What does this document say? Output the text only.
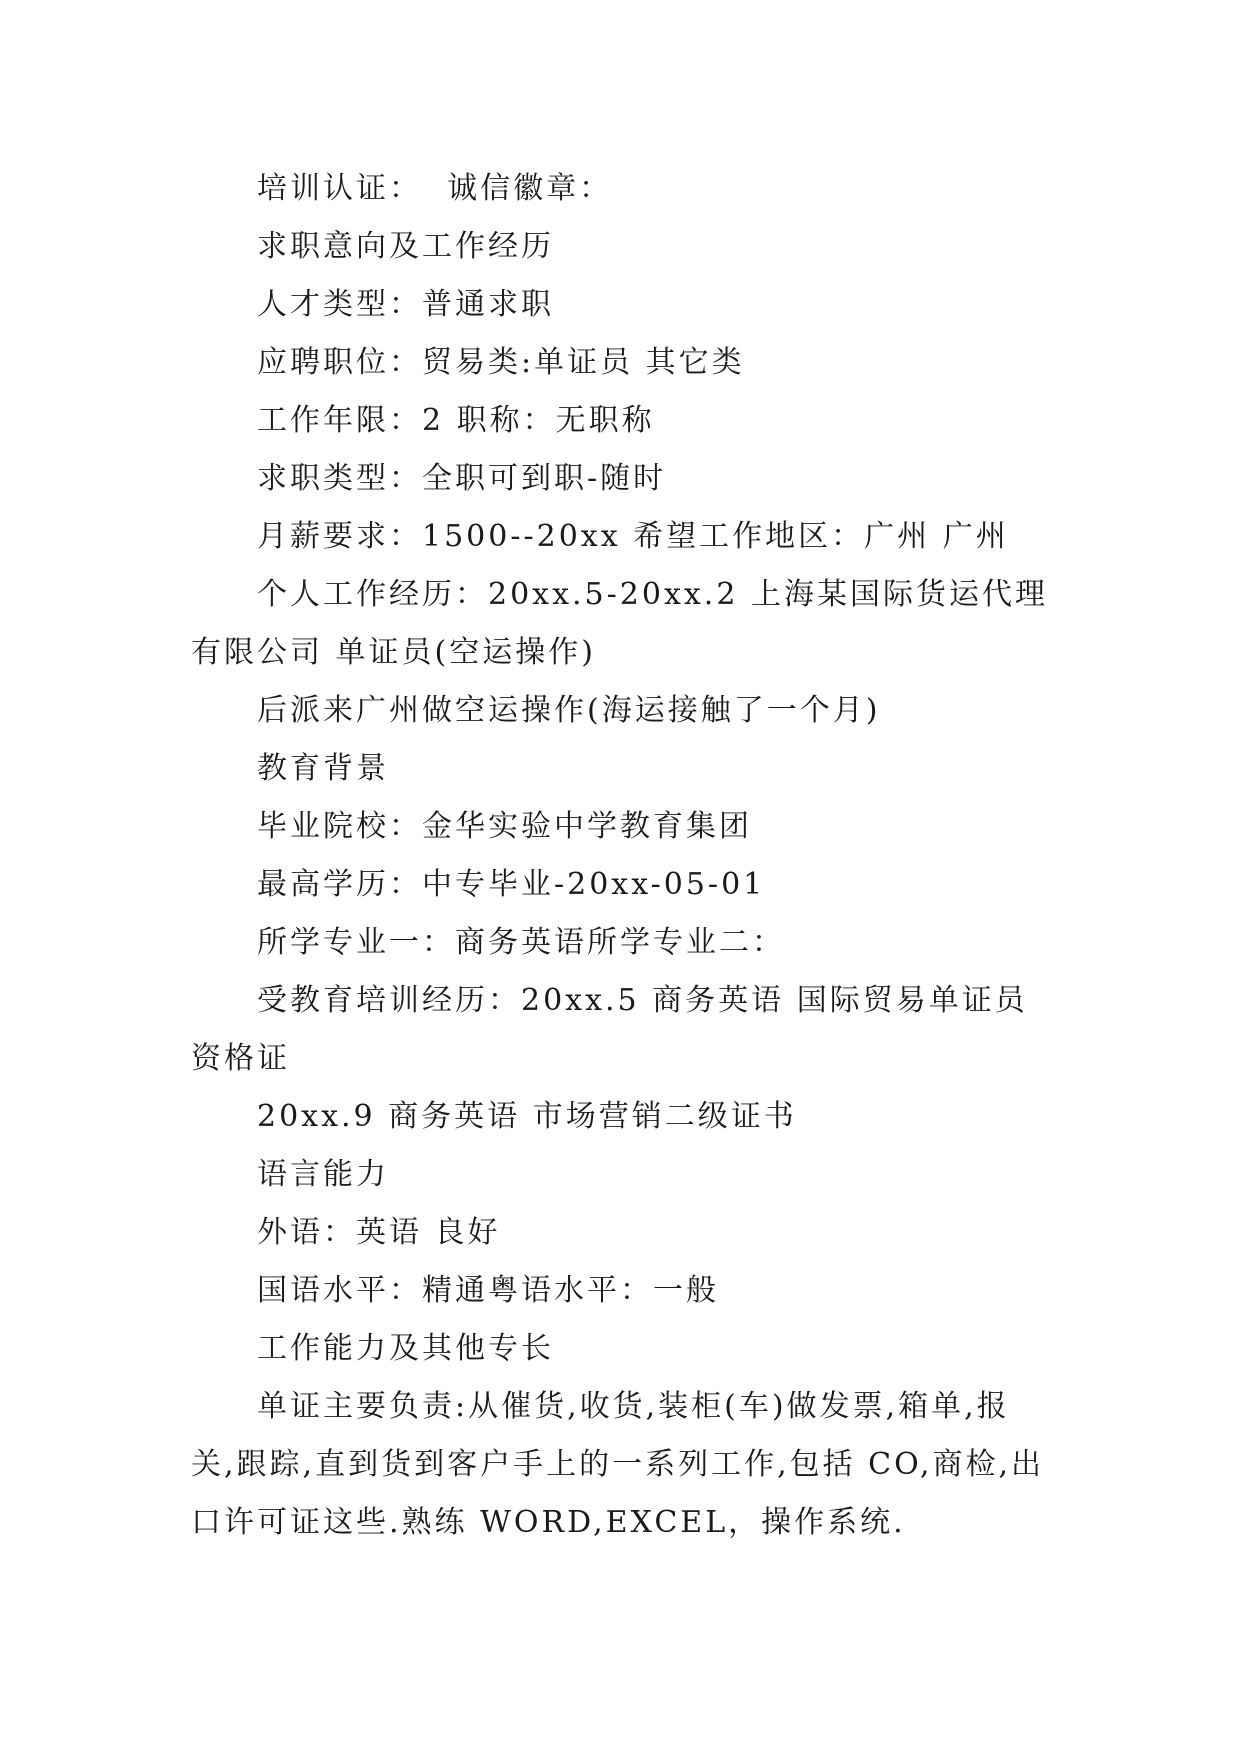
培训认证：  诚信徽章：

求职意向及工作经历

人才类型：普通求职

应聘职位：贸易类:单证员 其它类

工作年限：2 职称：无职称

求职类型：全职可到职-随时

月薪要求：1500--20xx 希望工作地区：广州 广州

个人工作经历：20xx.5-20xx.2 上海某国际货运代理有限公司 单证员(空运操作)

后派来广州做空运操作(海运接触了一个月)

教育背景

毕业院校：金华实验中学教育集团

最高学历：中专毕业-20xx-05-01

所学专业一：商务英语所学专业二：

受教育培训经历：20xx.5 商务英语 国际贸易单证员资格证

20xx.9 商务英语 市场营销二级证书

语言能力

外语：英语 良好

国语水平：精通粤语水平：一般

工作能力及其他专长

单证主要负责:从催货,收货,装柜(车)做发票,箱单,报关,跟踪,直到货到客户手上的一系列工作,包括 CO,商检,出口许可证这些.熟练 WORD,EXCEL，操作系统.
